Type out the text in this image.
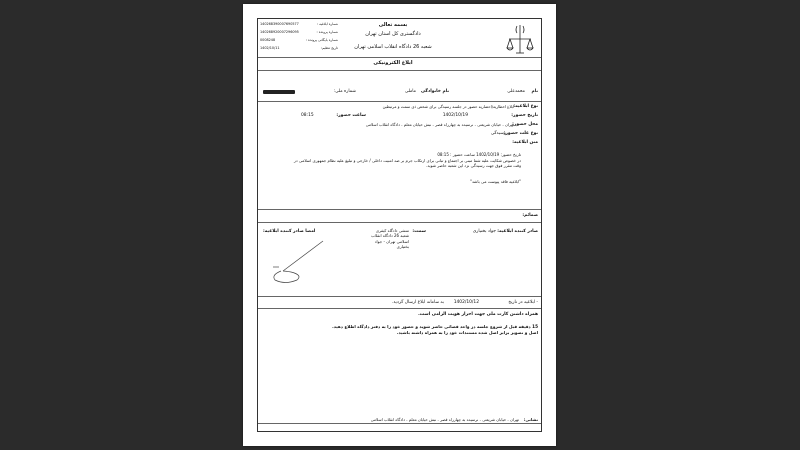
بسمه تعالی
دادگستری کل استان تهران
شعبه 26 دادگاه انقلاب اسلامی تهران
شماره ابلاغیه :
140268390007690577
شماره پرونده :
140268920007296095
شماره بایگانی پرونده :
0008248
تاریخ تنظیم:
1402/10/11
ابلاغ الکترونیکی
نام
محمدعلی
نام خانوادگی
ماملی
شماره ملی:
نوع ابلاغیه:
ابلاغ اخطاریه/احضاریه حضور در جلسه رسیدگی برای شخص ذی سمت و مرتبطین
تاریخ حضور:
1402/10/19
ساعت حضور:
08:15
محل حضور:
تهران - خیابان شریعتی - نرسیده به چهارراه قصر - نبش خیابان معلم - دادگاه انقلاب اسلامی
نوع علت حضور:
رسیدگی
متن ابلاغیه:
تاریخ حضور: 1402/10/19 ساعت حضور : 08:15
در خصوص شکایت علیه شما مبنی بر اجتماع و تبانی برای ارتکاب جرم بر ضد امنیت داخلی / خارجی و تبلیغ علیه نظام جمهوری اسلامی در وقت مقرر فوق جهت رسیدگی نزد این شعبه حاضر شوید.
"ابلاغیه فاقد پیوست می باشد"
ضمائم:
صادر کننده ابلاغیه:
جواد بختیاری
سمت:
منشی دادگاه کیفری شعبه 26 دادگاه انقلاب اسلامی تهران - جواد بختیاری
امضا صادر کننده ابلاغیه:
- ابلاغیه در تاریخ
1402/10/12
به سامانه ابلاغ ارسال گردید.
همراه داشتن کارت ملی جهت احراز هویت الزامی است.
15 دقیقه قبل از شروع جلسه در واحد قضائی حاضر شوید و حضور خود را به دفتر دادگاه اطلاع دهید.
اصل و تصویر برابر اصل شده مستندات خود را به همراه داشته باشید.
نشانی:
تهران - خیابان شریعتی - نرسیده به چهارراه قصر - نبش خیابان معلم - دادگاه انقلاب اسلامی
